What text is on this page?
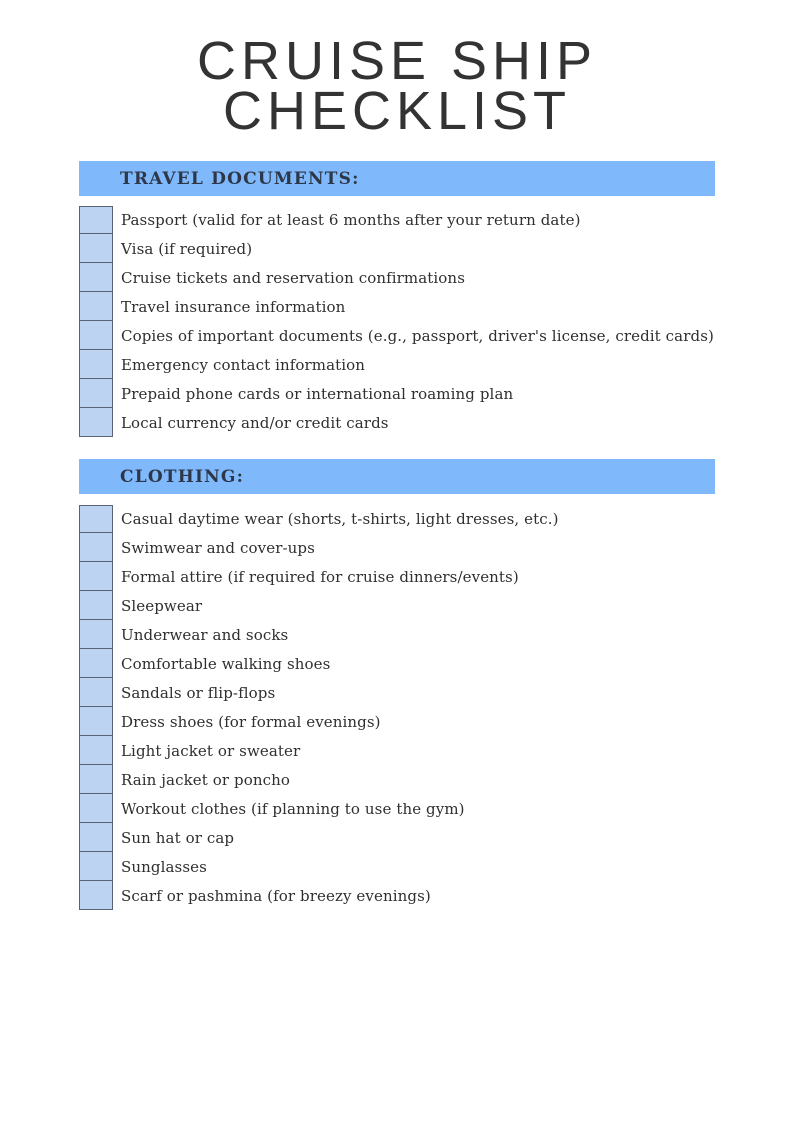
CRUISE SHIP
CHECKLIST
TRAVEL DOCUMENTS:
Passport (valid for at least 6 months after your return date)
Visa (if required)
Cruise tickets and reservation confirmations
Travel insurance information
Copies of important documents (e.g., passport, driver's license, credit cards)
Emergency contact information
Prepaid phone cards or international roaming plan
Local currency and/or credit cards
CLOTHING:
Casual daytime wear (shorts, t-shirts, light dresses, etc.)
Swimwear and cover-ups
Formal attire (if required for cruise dinners/events)
Sleepwear
Underwear and socks
Comfortable walking shoes
Sandals or flip-flops
Dress shoes (for formal evenings)
Light jacket or sweater
Rain jacket or poncho
Workout clothes (if planning to use the gym)
Sun hat or cap
Sunglasses
Scarf or pashmina (for breezy evenings)
